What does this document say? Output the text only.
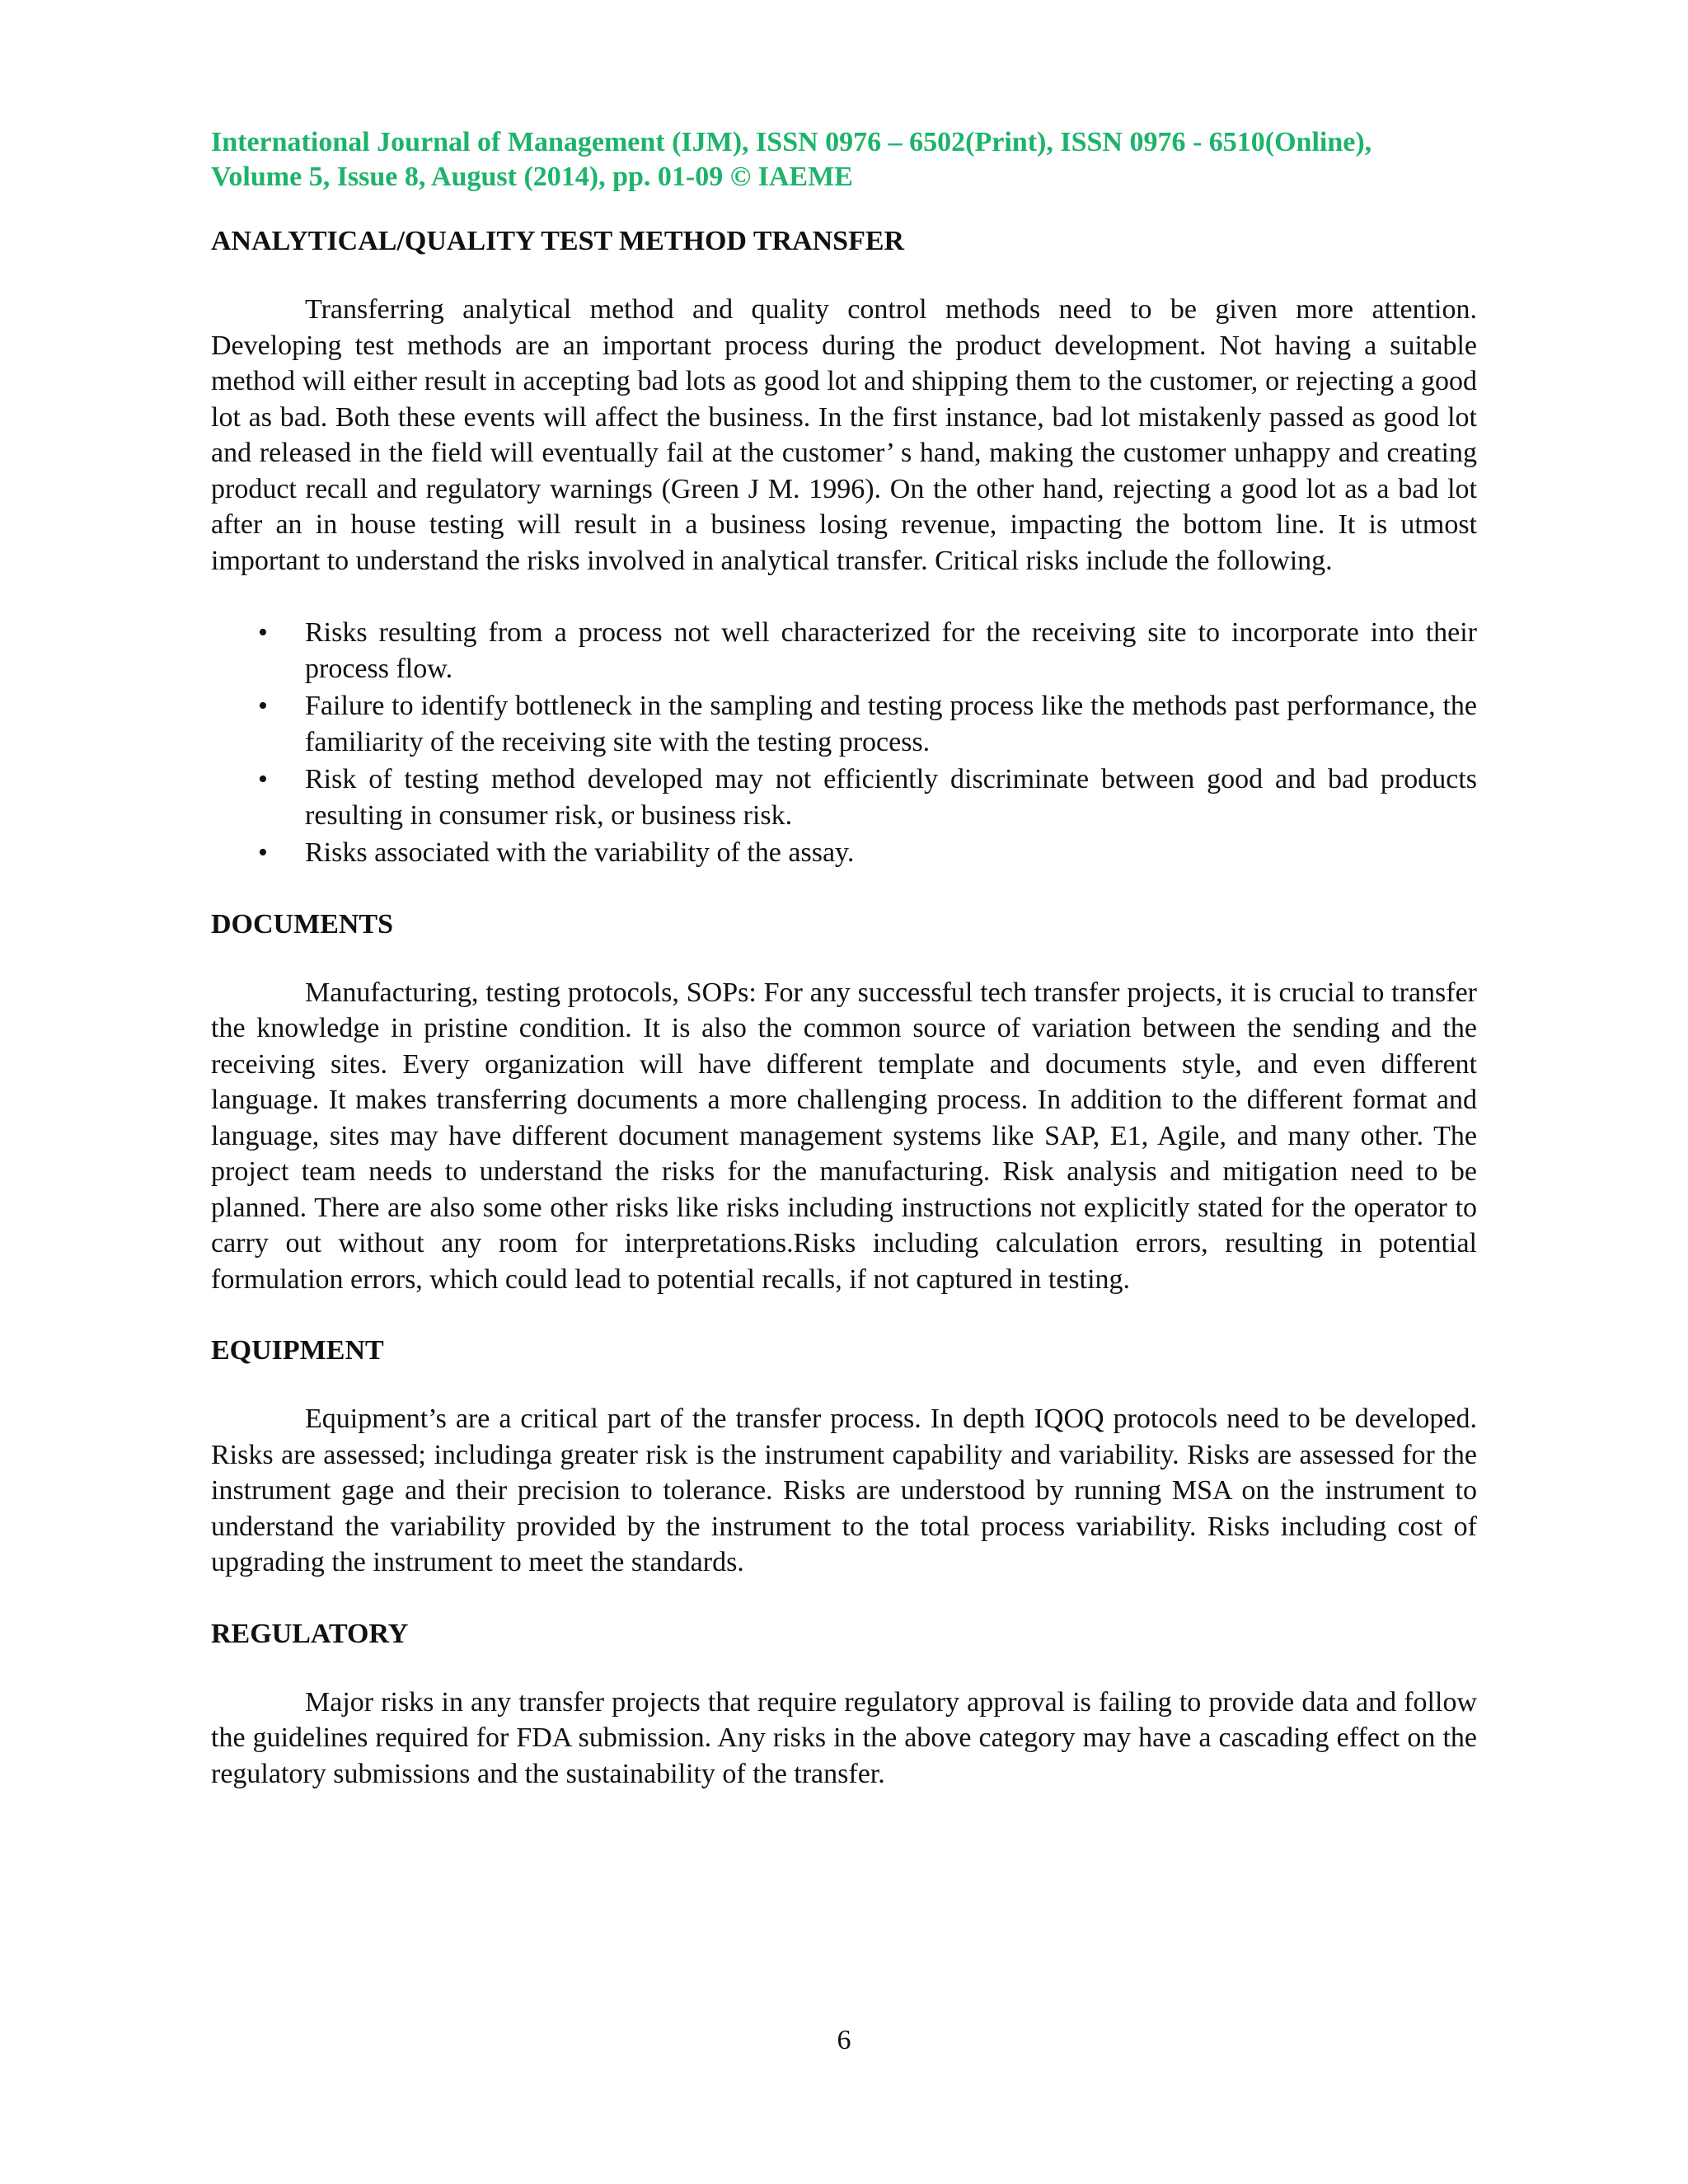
International Journal of Management (IJM), ISSN 0976 – 6502(Print), ISSN 0976 - 6510(Online),
Volume 5, Issue 8, August (2014), pp. 01-09 © IAEME
ANALYTICAL/QUALITY TEST METHOD TRANSFER

Transferring analytical method and quality control methods need to be given more attention. Developing test methods are an important process during the product development. Not having a suitable method will either result in accepting bad lots as good lot and shipping them to the customer, or rejecting a good lot as bad. Both these events will affect the business. In the first instance, bad lot mistakenly passed as good lot and released in the field will eventually fail at the customer’ s hand, making the customer unhappy and creating product recall and regulatory warnings (Green J M. 1996). On the other hand, rejecting a good lot as a bad lot after an in house testing will result in a business losing revenue, impacting the bottom line. It is utmost important to understand the risks involved in analytical transfer. Critical risks include the following.

• Risks resulting from a process not well characterized for the receiving site to incorporate into their process flow.
• Failure to identify bottleneck in the sampling and testing process like the methods past performance, the familiarity of the receiving site with the testing process.
• Risk of testing method developed may not efficiently discriminate between good and bad products resulting in consumer risk, or business risk.
• Risks associated with the variability of the assay.
DOCUMENTS

Manufacturing, testing protocols, SOPs: For any successful tech transfer projects, it is crucial to transfer the knowledge in pristine condition. It is also the common source of variation between the sending and the receiving sites. Every organization will have different template and documents style, and even different language. It makes transferring documents a more challenging process. In addition to the different format and language, sites may have different document management systems like SAP, E1, Agile, and many other. The project team needs to understand the risks for the manufacturing. Risk analysis and mitigation need to be planned. There are also some other risks like risks including instructions not explicitly stated for the operator to carry out without any room for interpretations.Risks including calculation errors, resulting in potential formulation errors, which could lead to potential recalls, if not captured in testing.

EQUIPMENT

Equipment’s are a critical part of the transfer process. In depth IQOQ protocols need to be developed. Risks are assessed; includinga greater risk is the instrument capability and variability. Risks are assessed for the instrument gage and their precision to tolerance. Risks are understood by running MSA on the instrument to understand the variability provided by the instrument to the total process variability. Risks including cost of upgrading the instrument to meet the standards.

REGULATORY

Major risks in any transfer projects that require regulatory approval is failing to provide data and follow the guidelines required for FDA submission. Any risks in the above category may have a cascading effect on the regulatory submissions and the sustainability of the transfer.

6
